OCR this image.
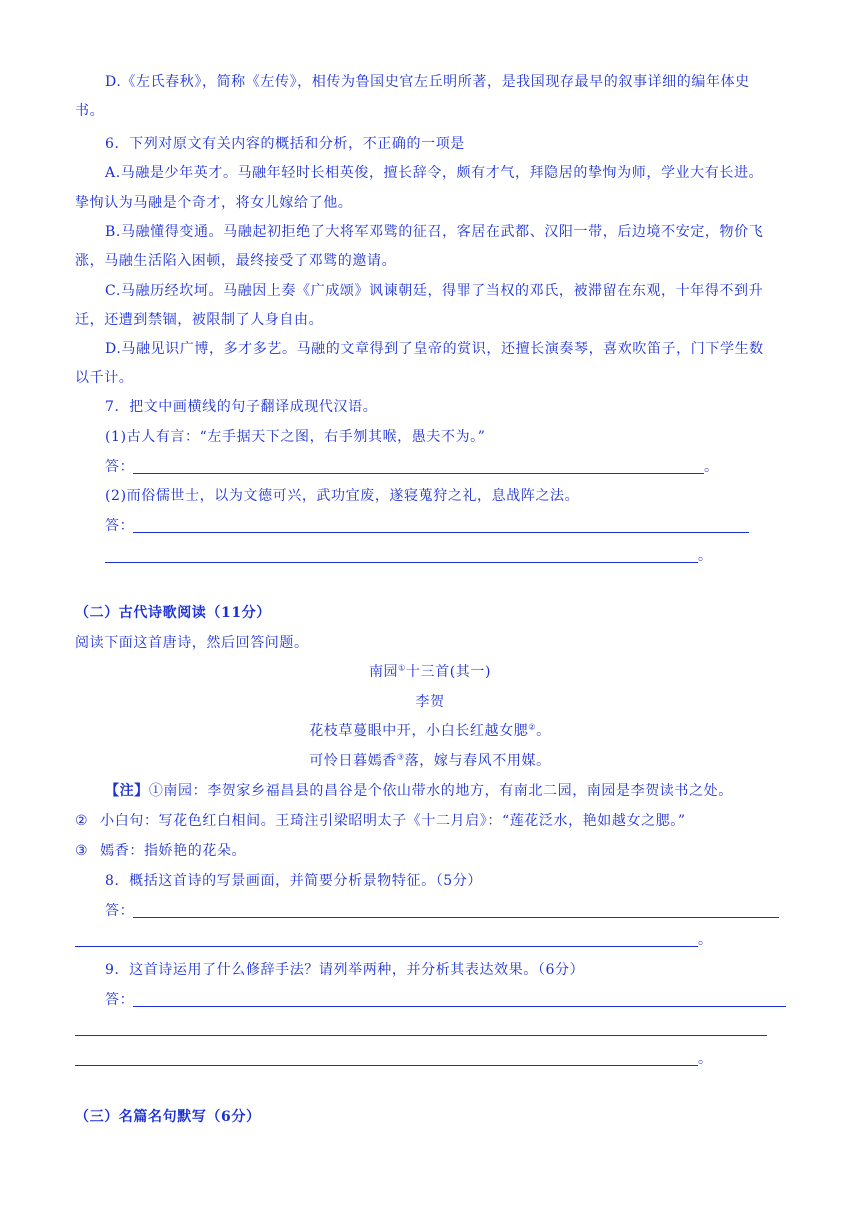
D.《左氏春秋》，简称《左传》，相传为鲁国史官左丘明所著，是我国现存最早的叙事详细的编年体史
书。
6．下列对原文有关内容的概括和分析，不正确的一项是
A.马融是少年英才。马融年轻时长相英俊，擅长辞令，颇有才气，拜隐居的挚恂为师，学业大有长进。
挚恂认为马融是个奇才，将女儿嫁给了他。
B.马融懂得变通。马融起初拒绝了大将军邓骘的征召，客居在武都、汉阳一带，后边境不安定，物价飞
涨，马融生活陷入困顿，最终接受了邓骘的邀请。
C.马融历经坎坷。马融因上奏《广成颂》讽谏朝廷，得罪了当权的邓氏，被滞留在东观，十年得不到升
迁，还遭到禁锢，被限制了人身自由。
D.马融见识广博，多才多艺。马融的文章得到了皇帝的赏识，还擅长演奏琴，喜欢吹笛子，门下学生数
以千计。
7．把文中画横线的句子翻译成现代汉语。
(1)古人有言：“左手据天下之图，右手刎其喉，愚夫不为。”
答：	。
(2)而俗儒世士，以为文德可兴，武功宜废，遂寝蒐狩之礼，息战阵之法。
答：
。
（二）古代诗歌阅读（11分）
阅读下面这首唐诗，然后回答问题。
南园①十三首(其一)
李贺
花枝草蔓眼中开，小白长红越女腮②。
可怜日暮嫣香③落，嫁与春风不用媒。
【注】①南园：李贺家乡福昌县的昌谷是个依山带水的地方，有南北二园，南园是李贺读书之处。
② 小白句：写花色红白相间。王琦注引梁昭明太子《十二月启》：“莲花泛水，艳如越女之腮。”
③ 嫣香：指娇艳的花朵。
8．概括这首诗的写景画面，并简要分析景物特征。（5分）
答：
。
9．这首诗运用了什么修辞手法？请列举两种，并分析其表达效果。（6分）
答：
。
（三）名篇名句默写（6分）
